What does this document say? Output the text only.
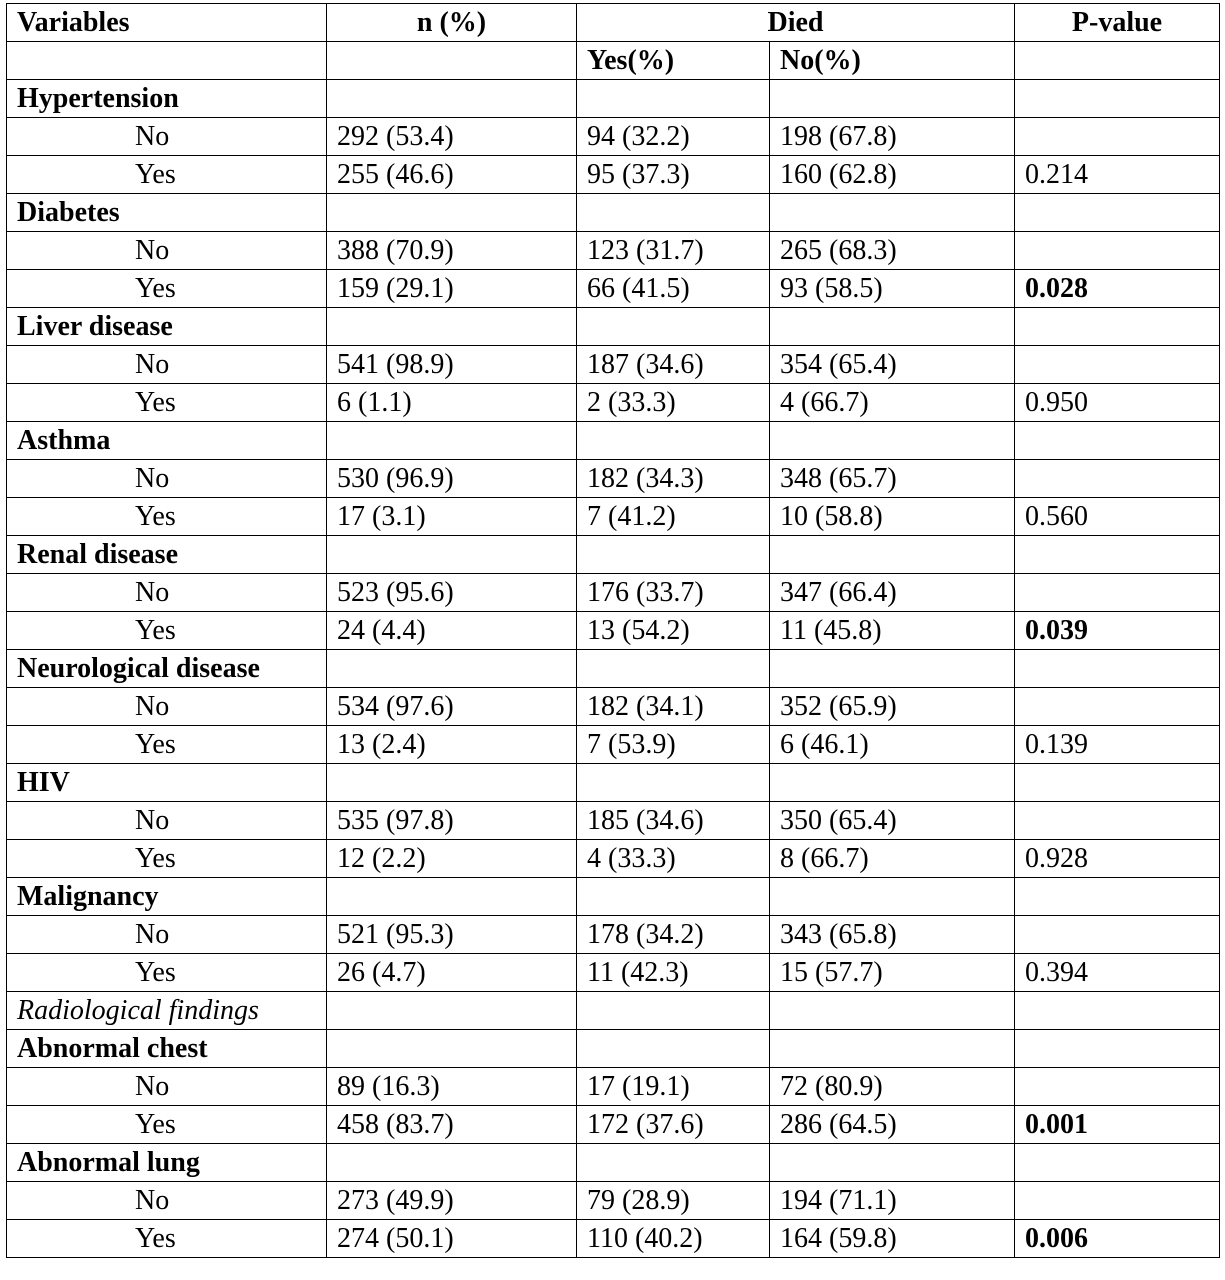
Variables	n (%)	Died		P-value
		Yes(%)	No(%)	
Hypertension				
No	292 (53.4)	94 (32.2)	198 (67.8)	
Yes	255 (46.6)	95 (37.3)	160 (62.8)	0.214
Diabetes				
No	388 (70.9)	123 (31.7)	265 (68.3)	
Yes	159 (29.1)	66 (41.5)	93 (58.5)	0.028
Liver disease				
No	541 (98.9)	187 (34.6)	354 (65.4)	
Yes	6 (1.1)	2 (33.3)	4 (66.7)	0.950
Asthma				
No	530 (96.9)	182 (34.3)	348 (65.7)	
Yes	17 (3.1)	7 (41.2)	10 (58.8)	0.560
Renal disease				
No	523 (95.6)	176 (33.7)	347 (66.4)	
Yes	24 (4.4)	13 (54.2)	11 (45.8)	0.039
Neurological disease				
No	534 (97.6)	182 (34.1)	352 (65.9)	
Yes	13 (2.4)	7 (53.9)	6 (46.1)	0.139
HIV				
No	535 (97.8)	185 (34.6)	350 (65.4)	
Yes	12 (2.2)	4 (33.3)	8 (66.7)	0.928
Malignancy				
No	521 (95.3)	178 (34.2)	343 (65.8)	
Yes	26 (4.7)	11 (42.3)	15 (57.7)	0.394
Radiological findings				
Abnormal chest				
No	89 (16.3)	17 (19.1)	72 (80.9)	
Yes	458 (83.7)	172 (37.6)	286 (64.5)	0.001
Abnormal lung				
No	273 (49.9)	79 (28.9)	194 (71.1)	
Yes	274 (50.1)	110 (40.2)	164 (59.8)	0.006
